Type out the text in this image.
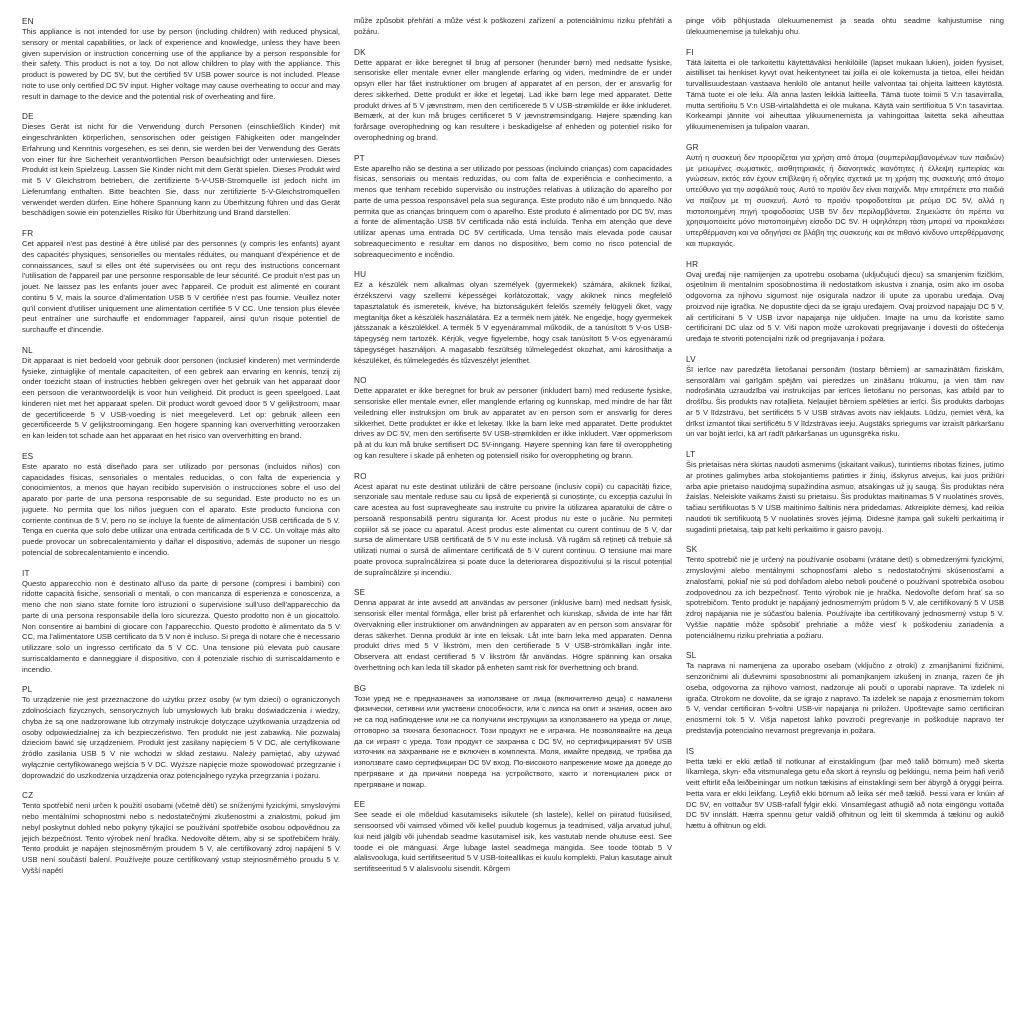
EN

This appliance is not intended for use by person (including children) with reduced physical, sensory or mental capabilities, or lack of experience and knowledge, unless they have been given supervision or instruction concerning use of the appliance by a person responsible for their safety. This product is not a toy. Do not allow children to play with the appliance. This product is powered by DC 5V, but the certified 5V USB power source is not included. Please note to use only certified DC 5V input. Higher voltage may cause overheating to occur and may result in damage to the device and the potential risk of overheating and fiire.

DE

Dieses Gerät ist nicht für die Verwendung durch Personen (einschließlich Kinder) mit eingeschränkten körperlichen, sensorischen oder geistigen Fähigkeiten oder mangelnder Erfahrung und Kenntnis vorgesehen, es sei denn, sie werden bei der Verwendung des Geräts von einer für ihre Sicherheit verantwortlichen Person beaufsichtigt oder unterwiesen. Dieses Produkt ist kein Spielzeug. Lassen Sie Kinder nicht mit dem Gerät spielen. Dieses Produkt wird mit 5 V Gleichstrom betrieben, die zertifizierte 5-V-USB-Stromquelle ist jedoch nicht im Lieferumfang enthalten. Bitte beachten Sie, dass nur zertifizierte 5-V-Gleichstromquellen verwendet werden dürfen. Eine höhere Spannung kann zu Überhitzung führen und das Gerät beschädigen sowie ein potenzielles Risiko für Überhitzung und Brand darstellen.

FR

Cet appareil n'est pas destiné à être utilisé par des personnes (y compris les enfants) ayant des capacités physiques, sensorielles ou mentales réduites, ou manquant d'expérience et de connaissances, sauf si elles ont été supervisées ou ont reçu des instructions concernant l'utilisation de l'appareil par une personne responsable de leur sécurité. Ce produit n'est pas un jouet. Ne laissez pas les enfants jouer avec l'appareil. Ce produit est alimenté en courant continu 5 V, mais la source d'alimentation USB 5 V certifiée n'est pas fournie. Veuillez noter qu'il convient d'utiliser uniquement une alimentation certifiée 5 V CC. Une tension plus élevée peut entraîner une surchauffe et endommager l'appareil, ainsi qu'un risque potentiel de surchauffe et d'incendie.

NL

Dit apparaat is niet bedoeld voor gebruik door personen (inclusief kinderen) met verminderde fysieke, zintuiglijke of mentale capaciteiten, of een gebrek aan ervaring en kennis, tenzij zij onder toezicht staan of instructies hebben gekregen over het gebruik van het apparaat door een persoon die verantwoordelijk is voor hun veiligheid. Dit product is geen speelgoed. Laat kinderen niet met het apparaat spelen. Dit product wordt gevoed door 5 V gelijkstroom, maar de gecertificeerde 5 V USB-voeding is niet meegeleverd. Let op: gebruik alleen een gecertificeerde 5 V gelijkstroomingang. Een hogere spanning kan oververhitting veroorzaken en kan leiden tot schade aan het apparaat en het risico van oververhitting en brand.

ES

Este aparato no está diseñado para ser utilizado por personas (incluidos niños) con capacidades físicas, sensoriales o mentales reducidas, o con falta de experiencia y conocimientos, a menos que hayan recibido supervisión o instrucciones sobre el uso del aparato por parte de una persona responsable de su seguridad. Este producto no es un juguete. No permita que los niños jueguen con el aparato. Este producto funciona con corriente continua de 5 V, pero no se incluye la fuente de alimentación USB certificada de 5 V. Tenga en cuenta que solo debe utilizar una entrada certificada de 5 V CC. Un voltaje más alto puede provocar un sobrecalentamiento y dañar el dispositivo, además de suponer un riesgo potencial de sobrecalentamiento e incendio.

IT

Questo apparecchio non è destinato all'uso da parte di persone (compresi i bambini) con ridotte capacità fisiche, sensoriali o mentali, o con mancanza di esperienza e conoscenza, a meno che non siano state fornite loro istruzioni o supervisione sull'uso dell'apparecchio da parte di una persona responsabile della loro sicurezza. Questo prodotto non è un giocattolo. Non consentire ai bambini di giocare con l'apparecchio. Questo prodotto è alimentato da 5 V CC, ma l'alimentatore USB certificato da 5 V non è incluso. Si prega di notare che è necessario utilizzare solo un ingresso certificato da 5 V CC. Una tensione più elevata può causare surriscaldamento e danneggiare il dispositivo, con il potenziale rischio di surriscaldamento e incendio.

PL

To urządzenie nie jest przeznaczone do użytku przez osoby (w tym dzieci) o ograniczonych zdolnościach fizycznych, sensorycznych lub umysłowych lub braku doświadczenia i wiedzy, chyba że są one nadzorowane lub otrzymały instrukcje dotyczące użytkowania urządzenia od osoby odpowiedzialnej za ich bezpieczeństwo. Ten produkt nie jest zabawką. Nie pozwalaj dzieciom bawić się urządzeniem. Produkt jest zasilany napięciem 5 V DC, ale certyfikowane źródło zasilania USB 5 V nie wchodzi w skład zestawu. Należy pamiętać, aby używać wyłącznie certyfikowanego wejścia 5 V DC. Wyższe napięcie może spowodować przegrzanie i doprowadzić do uszkodzenia urządzenia oraz potencjalnego ryzyka przegrzania i pożaru.

CZ

Tento spotřebič není určen k použití osobami (včetně dětí) se sníženými fyzickými, smyslovými nebo mentálními schopnostmi nebo s nedostatečnými zkušenostmi a znalostmi, pokud jim nebyl poskytnut dohled nebo pokyny týkající se používání spotřebiče osobou odpovědnou za jejich bezpečnost. Tento výrobek není hračka. Nedovolte dětem, aby si se spotřebičem hrály. Tento produkt je napájen stejnosměrným proudem 5 V, ale certifikovaný zdroj napájení 5 V USB není součástí balení. Používejte pouze certifikovaný vstup stejnosměrného proudu 5 V. Vyšší napětí

může způsobit přehřátí a může vést k poškození zařízení a potenciálnímu riziku přehřátí a požáru.

DK

Dette apparat er ikke beregnet til brug af personer (herunder børn) med nedsatte fysiske, sensoriske eller mentale evner eller manglende erfaring og viden, medmindre de er under opsyn eller har fået instruktioner om brugen af apparatet af en person, der er ansvarlig for deres sikkerhed. Dette produkt er ikke et legetøj. Lad ikke børn lege med apparatet. Dette produkt drives af 5 V jævnstrøm, men den certificerede 5 V USB-strømkilde er ikke inkluderet. Bemærk, at der kun må bruges certificeret 5 V jævnstrømsindgang. Højere spænding kan forårsage overophedning og kan resultere i beskadigelse af enheden og potentiel risiko for overophedning og brand.

PT

Este aparelho não se destina a ser utilizado por pessoas (incluindo crianças) com capacidades físicas, sensoriais ou mentais reduzidas, ou com falta de experiência e conhecimento, a menos que tenham recebido supervisão ou instruções relativas à utilização do aparelho por parte de uma pessoa responsável pela sua segurança. Este produto não é um brinquedo. Não permita que as crianças brinquem com o aparelho. Este produto é alimentado por DC 5V, mas a fonte de alimentação USB 5V certificada não está incluída. Tenha em atenção que deve utilizar apenas uma entrada DC 5V certificada. Uma tensão mais elevada pode causar sobreaquecimento e resultar em danos no dispositivo, bem como no risco potencial de sobreaquecimento e incêndio.

HU

Ez a készülék nem alkalmas olyan személyek (gyermekek) számára, akiknek fizikai, érzékszervi vagy szellemi képességei korlátozottak, vagy akiknek nincs megfelelő tapasztalatuk és ismereteik, kivéve, ha biztonságukért felelős személy felügyeli őket, vagy megtanítja őket a készülék használatára. Ez a termék nem játék. Ne engedje, hogy gyermekek játsszanak a készülékkel. A termék 5 V egyenárammal működik, de a tanúsított 5 V-os USB-tápegység nem tartozék. Kérjük, vegye figyelembe, hogy csak tanúsított 5 V-os egyenáramú tápegységet használjon. A magasabb feszültség túlmelegedést okozhat, ami károsíthatja a készüléket, és túlmelegedés és tűzveszélyt jelenthet.

NO

Dette apparatet er ikke beregnet for bruk av personer (inkludert barn) med reduserte fysiske, sensoriske eller mentale evner, eller manglende erfaring og kunnskap, med mindre de har fått veiledning eller instruksjon om bruk av apparatet av en person som er ansvarlig for deres sikkerhet. Dette produktet er ikke et leketøy. Ikke la barn leke med apparatet. Dette produktet drives av DC 5V, men den sertifiserte 5V USB-strømkilden er ikke inkludert. Vær oppmerksom på at du kun må bruke sertifisert DC 5V-inngang. Høyere spenning kan føre til overoppheting og kan resultere i skade på enheten og potensiell risiko for overoppheting og brann.

RO

Acest aparat nu este destinat utilizării de către persoane (inclusiv copii) cu capacități fizice, senzoriale sau mentale reduse sau cu lipsă de experiență și cunoștințe, cu excepția cazului în care acestea au fost supravegheate sau instruite cu privire la utilizarea aparatului de către o persoană responsabilă pentru siguranța lor. Acest produs nu este o jucărie. Nu permiteți copiilor să se joace cu aparatul. Acest produs este alimentat cu curent continuu de 5 V, dar sursa de alimentare USB certificată de 5 V nu este inclusă. Vă rugăm să rețineți că trebuie să utilizați numai o sursă de alimentare certificată de 5 V curent continuu. O tensiune mai mare poate provoca supraîncălzirea și poate duce la deteriorarea dispozitivului și la riscul potențial de supraîncălzire și incendiu.

SE

Denna apparat är inte avsedd att användas av personer (inklusive barn) med nedsatt fysisk, sensorisk eller mental förmåga, eller brist på erfarenhet och kunskap, såvida de inte har fått övervakning eller instruktioner om användningen av apparaten av en person som ansvarar för deras säkerhet. Denna produkt är inte en leksak. Låt inte barn leka med apparaten. Denna produkt drivs med 5 V likström, men den certifierade 5 V USB-strömkällan ingår inte. Observera att endast certifierad 5 V likström får användas. Högre spänning kan orsaka överhettning och kan leda till skador på enheten samt risk för överhettning och brand.

BG

Този уред не е предназначен за използване от лица (включително деца) с намалени физически, сетивни или умствени способности, или с липса на опит и знания, освен ако не са под наблюдение или не са получили инструкции за използването на уреда от лице, отговорно за тяхната безопасност. Този продукт не е играчка. Не позволявайте на деца да си играят с уреда. Този продукт се захранва с DC 5V, но сертифицираният 5V USB източник на захранване не е включен в комплекта. Моля, имайте предвид, че трябва да използвате само сертифициран DC 5V вход. По-високото напрежение може да доведе до прегряване и да причини повреда на устройството, както и потенциален риск от прегряване и пожар.

EE

See seade ei ole mõeldud kasutamiseks isikutele (sh lastele), kellel on piiratud füüsilised, sensoorsed või vaimsed võimed või kellel puudub kogemus ja teadmised, välja arvatud juhul, kui neid jälgib või juhendab seadme kasutamisel isik, kes vastutab nende ohutuse eest. See toode ei ole mänguasi. Ärge lubage lastel seadmega mängida. See toode töötab 5 V alalisvooluga, kuid sertifitseeritud 5 V USB-toiteallikas ei kuulu komplekti. Palun kasutage ainult sertifitseeritud 5 V alalisvoolu sisendit. Kõrgem

pinge võib põhjustada ülekuumenemist ja seada ohtu seadme kahjustumise ning ülekuumenemise ja tulekahju ohu.

FI

Tätä laitetta ei ole tarkoitettu käytettäväksi henkilöille (lapset mukaan lukien), joiden fyysiset, aistilliset tai henkiset kyvyt ovat heikentyneet tai joilla ei ole kokemusta ja tietoa, ellei heidän turvallisuudestaan vastaava henkilö ole antanut heille valvontaa tai ohjeita laitteen käytöstä. Tämä tuote ei ole lelu. Älä anna lasten leikkiä laitteella. Tämä tuote toimii 5 V:n tasavirralla, mutta sertifioitu 5 V:n USB-virtalähdettä ei ole mukana. Käytä vain sertifioitua 5 V:n tasavirtaa. Korkeampi jännite voi aiheuttaa ylikuumenemista ja vahingoittaa laitetta sekä aiheuttaa ylikuumenemisen ja tulipalon vaaran.

GR

Αυτή η συσκευή δεν προορίζεται για χρήση από άτομα (συμπεριλαμβανομένων των παιδιών) με μειωμένες σωματικές, αισθητηριακές ή διανοητικές ικανότητες ή έλλειψη εμπειρίας και γνώσεων, εκτός εάν έχουν επίβλεψη ή οδηγίες σχετικά με τη χρήση της συσκευής από άτομο υπεύθυνο για την ασφάλειά τους. Αυτό το προϊόν δεν είναι παιχνίδι. Μην επιτρέπετε στα παιδιά να παίζουν με τη συσκευή. Αυτό το προϊόν τροφοδοτείται με ρεύμα DC 5V, αλλά η πιστοποιημένη πηγή τροφοδοσίας USB 5V δεν περιλαμβάνεται. Σημειώστε ότι πρέπει να χρησιμοποιείτε μόνο πιστοποιημένη είσοδο DC 5V. Η υψηλότερη τάση μπορεί να προκαλέσει υπερθέρμανση και να οδηγήσει σε βλάβη της συσκευής και σε πιθανό κίνδυνο υπερθέρμανσης και πυρκαγιάς.

HR

Ovaj uređaj nije namijenjen za upotrebu osobama (uključujući djecu) sa smanjenim fizičkim, osjetilnim ili mentalnim sposobnostima ili nedostatkom iskustva i znanja, osim ako im osoba odgovorna za njihovu sigurnost nije osigurala nadzor ili upute za uporabu uređaja. Ovaj proizvod nije igračka. Ne dopustite djeci da se igraju uređajem. Ovaj proizvod napajaju DC 5 V, ali certificirani 5 V USB izvor napajanja nije uključen. Imajte na umu da koristite samo certificirani DC ulaz od 5 V. Viši napon može uzrokovati pregrijavanje i dovesti do oštećenja uređaja te stvoriti potencijalni rizik od pregrijavanja i požara.

LV

Šī ierīce nav paredzēta lietošanai personām (tostarp bērniem) ar samazinātām fiziskām, sensorālām vai garīgām spējām vai pieredzes un zināšanu trūkumu, ja vien tām nav nodrošināta uzraudzība vai instrukcijas par ierīces lietošanu no personas, kas atbild par to drošību. Šis produkts nav rotaļlieta. Neļaujiet bērniem spēlēties ar ierīci. Šis produkts darbojas ar 5 V līdzstrāvu, bet sertificēts 5 V USB strāvas avots nav iekļauts. Lūdzu, ņemiet vērā, ka drīkst izmantot tikai sertificētu 5 V līdzstrāvas ieeju. Augstāks spriegums var izraisīt pārkaršanu un var bojāt ierīci, kā arī radīt pārkaršanas un ugunsgrēka risku.

LT

Šis prietaisas nėra skirtas naudoti asmenims (įskaitant vaikus), turintiems ribotas fizines, jutimo ar protines galimybes arba stokojantiems patirties ir žinių, išskyrus atvejus, kai juos prižiūri arba apie prietaiso naudojimą supažindina asmuo, atsakingas už jų saugą. Šis produktas nėra žaislas. Neleiskite vaikams žaisti su prietaisu. Šis produktas maitinamas 5 V nuolatinės srovės, tačiau sertifikuotas 5 V USB maitinimo šaltinis nėra pridedamas. Atkreipkite dėmesį, kad reikia naudoti tik sertifikuotą 5 V nuolatinės srovės įėjimą. Didesnė įtampa gali sukelti perkaitimą ir sugadinti prietaisą, taip pat kelti perkaitimo ir gaisro pavojų.

SK

Tento spotrebič nie je určený na používanie osobami (vrátane detí) s obmedzenými fyzickými, zmyslovými alebo mentálnymi schopnosťami alebo s nedostatočnými skúsenosťami a znalosťami, pokiaľ nie sú pod dohľadom alebo neboli poučené o používaní spotrebiča osobou zodpovednou za ich bezpečnosť. Tento výrobok nie je hračka. Nedovoľte deťom hrať sa so spotrebičom. Tento produkt je napájaný jednosmerným prúdom 5 V, ale certifikovaný 5 V USB zdroj napájania nie je súčasťou balenia. Používajte iba certifikovaný jednosmerný vstup 5 V. Vyššie napätie môže spôsobiť prehriatie a môže viesť k poškodeniu zariadenia a potenciálnemu riziku prehriatia a požiaru.

SL

Ta naprava ni namenjena za uporabo osebam (vključno z otroki) z zmanjšanimi fizičnimi, senzoričnimi ali duševnimi sposobnostmi ali pomanjkanjem izkušenj in znanja, razen če jih oseba, odgovorna za njihovo varnost, nadzoruje ali pouči o uporabi naprave. Ta izdelek ni igrača. Otrokom ne dovolite, da se igrajo z napravo. Ta izdelek se napaja z enosmernim tokom 5 V, vendar certificiran 5-voltni USB-vir napajanja ni priložen. Upoštevajte samo certificiran enosmerni tok 5 V. Višja napetost lahko povzroči pregrevanje in poškoduje napravo ter predstavlja potencialno nevarnost pregrevanja in požara.

IS

Þetta tæki er ekki ætlað til notkunar af einstaklingum (þar með talið börnum) með skerta líkamlega, skyn- eða vitsmunalega getu eða skort á reynslu og þekkingu, nema þeim hafi verið veitt eftirlit eða leiðbeiningar um notkun tækisins af einstaklingi sem ber ábyrgð á öryggi þeirra. Þetta vara er ekki leikfang. Leyfið ekki börnum að leika sér með tækið. Þessi vara er knúin af DC 5V, en vottaður 5V USB-rafall fylgir ekki. Vinsamlegast athugið að nota eingöngu vottaða DC 5V innslátt. Hærra spennu getur valdið ofhitnun og leitt til skemmda á tækinu og aukið hættu á ofhitnun og eldi.
